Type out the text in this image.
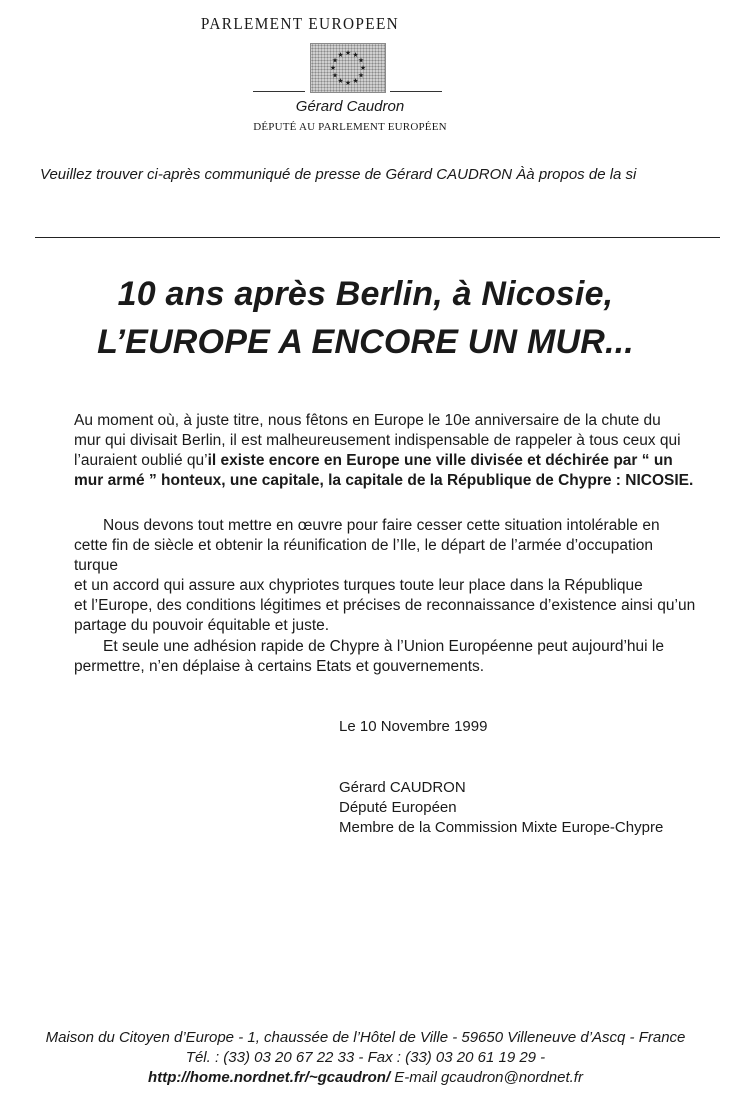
PARLEMENT EUROPEEN
★ ★
★
★
★
★
★
★
★
★
★
★
Gérard Caudron
DÉPUTÉ AU PARLEMENT EUROPÉEN
Veuillez trouver ci-après communiqué de presse de Gérard CAUDRON Àà propos de la si
10 ans après Berlin, à Nicosie,
L’EUROPE A ENCORE UN MUR...
Au moment où, à juste titre, nous fêtons en Europe le 10e anniversaire de la chute du
mur qui divisait Berlin, il est malheureusement indispensable de rappeler à tous ceux qui
l’auraient oublié qu’il existe encore en Europe une ville divisée et déchirée par “ un
mur armé ” honteux, une capitale, la capitale de la République de Chypre : NICOSIE.
Nous devons tout mettre en œuvre pour faire cesser cette situation intolérable en
cette fin de siècle et obtenir la réunification de l’Ile, le départ de l’armée d’occupation
turque
et un accord qui assure aux chypriotes turques toute leur place dans la République
et l’Europe, des conditions légitimes et précises de reconnaissance d’existence ainsi qu’un
partage du pouvoir équitable et juste.
Et seule une adhésion rapide de Chypre à l’Union Européenne peut aujourd’hui le
permettre, n’en déplaise à certains Etats et gouvernements.
Le 10 Novembre 1999
Gérard CAUDRON
Député Européen
Membre de la Commission Mixte Europe-Chypre
Maison du Citoyen d’Europe - 1, chaussée de l’Hôtel de Ville - 59650 Villeneuve d’Ascq - France
Tél. : (33) 03 20 67 22 33 - Fax : (33) 03 20 61 19 29 -
http://home.nordnet.fr/~gcaudron/ E-mail gcaudron@nordnet.fr
